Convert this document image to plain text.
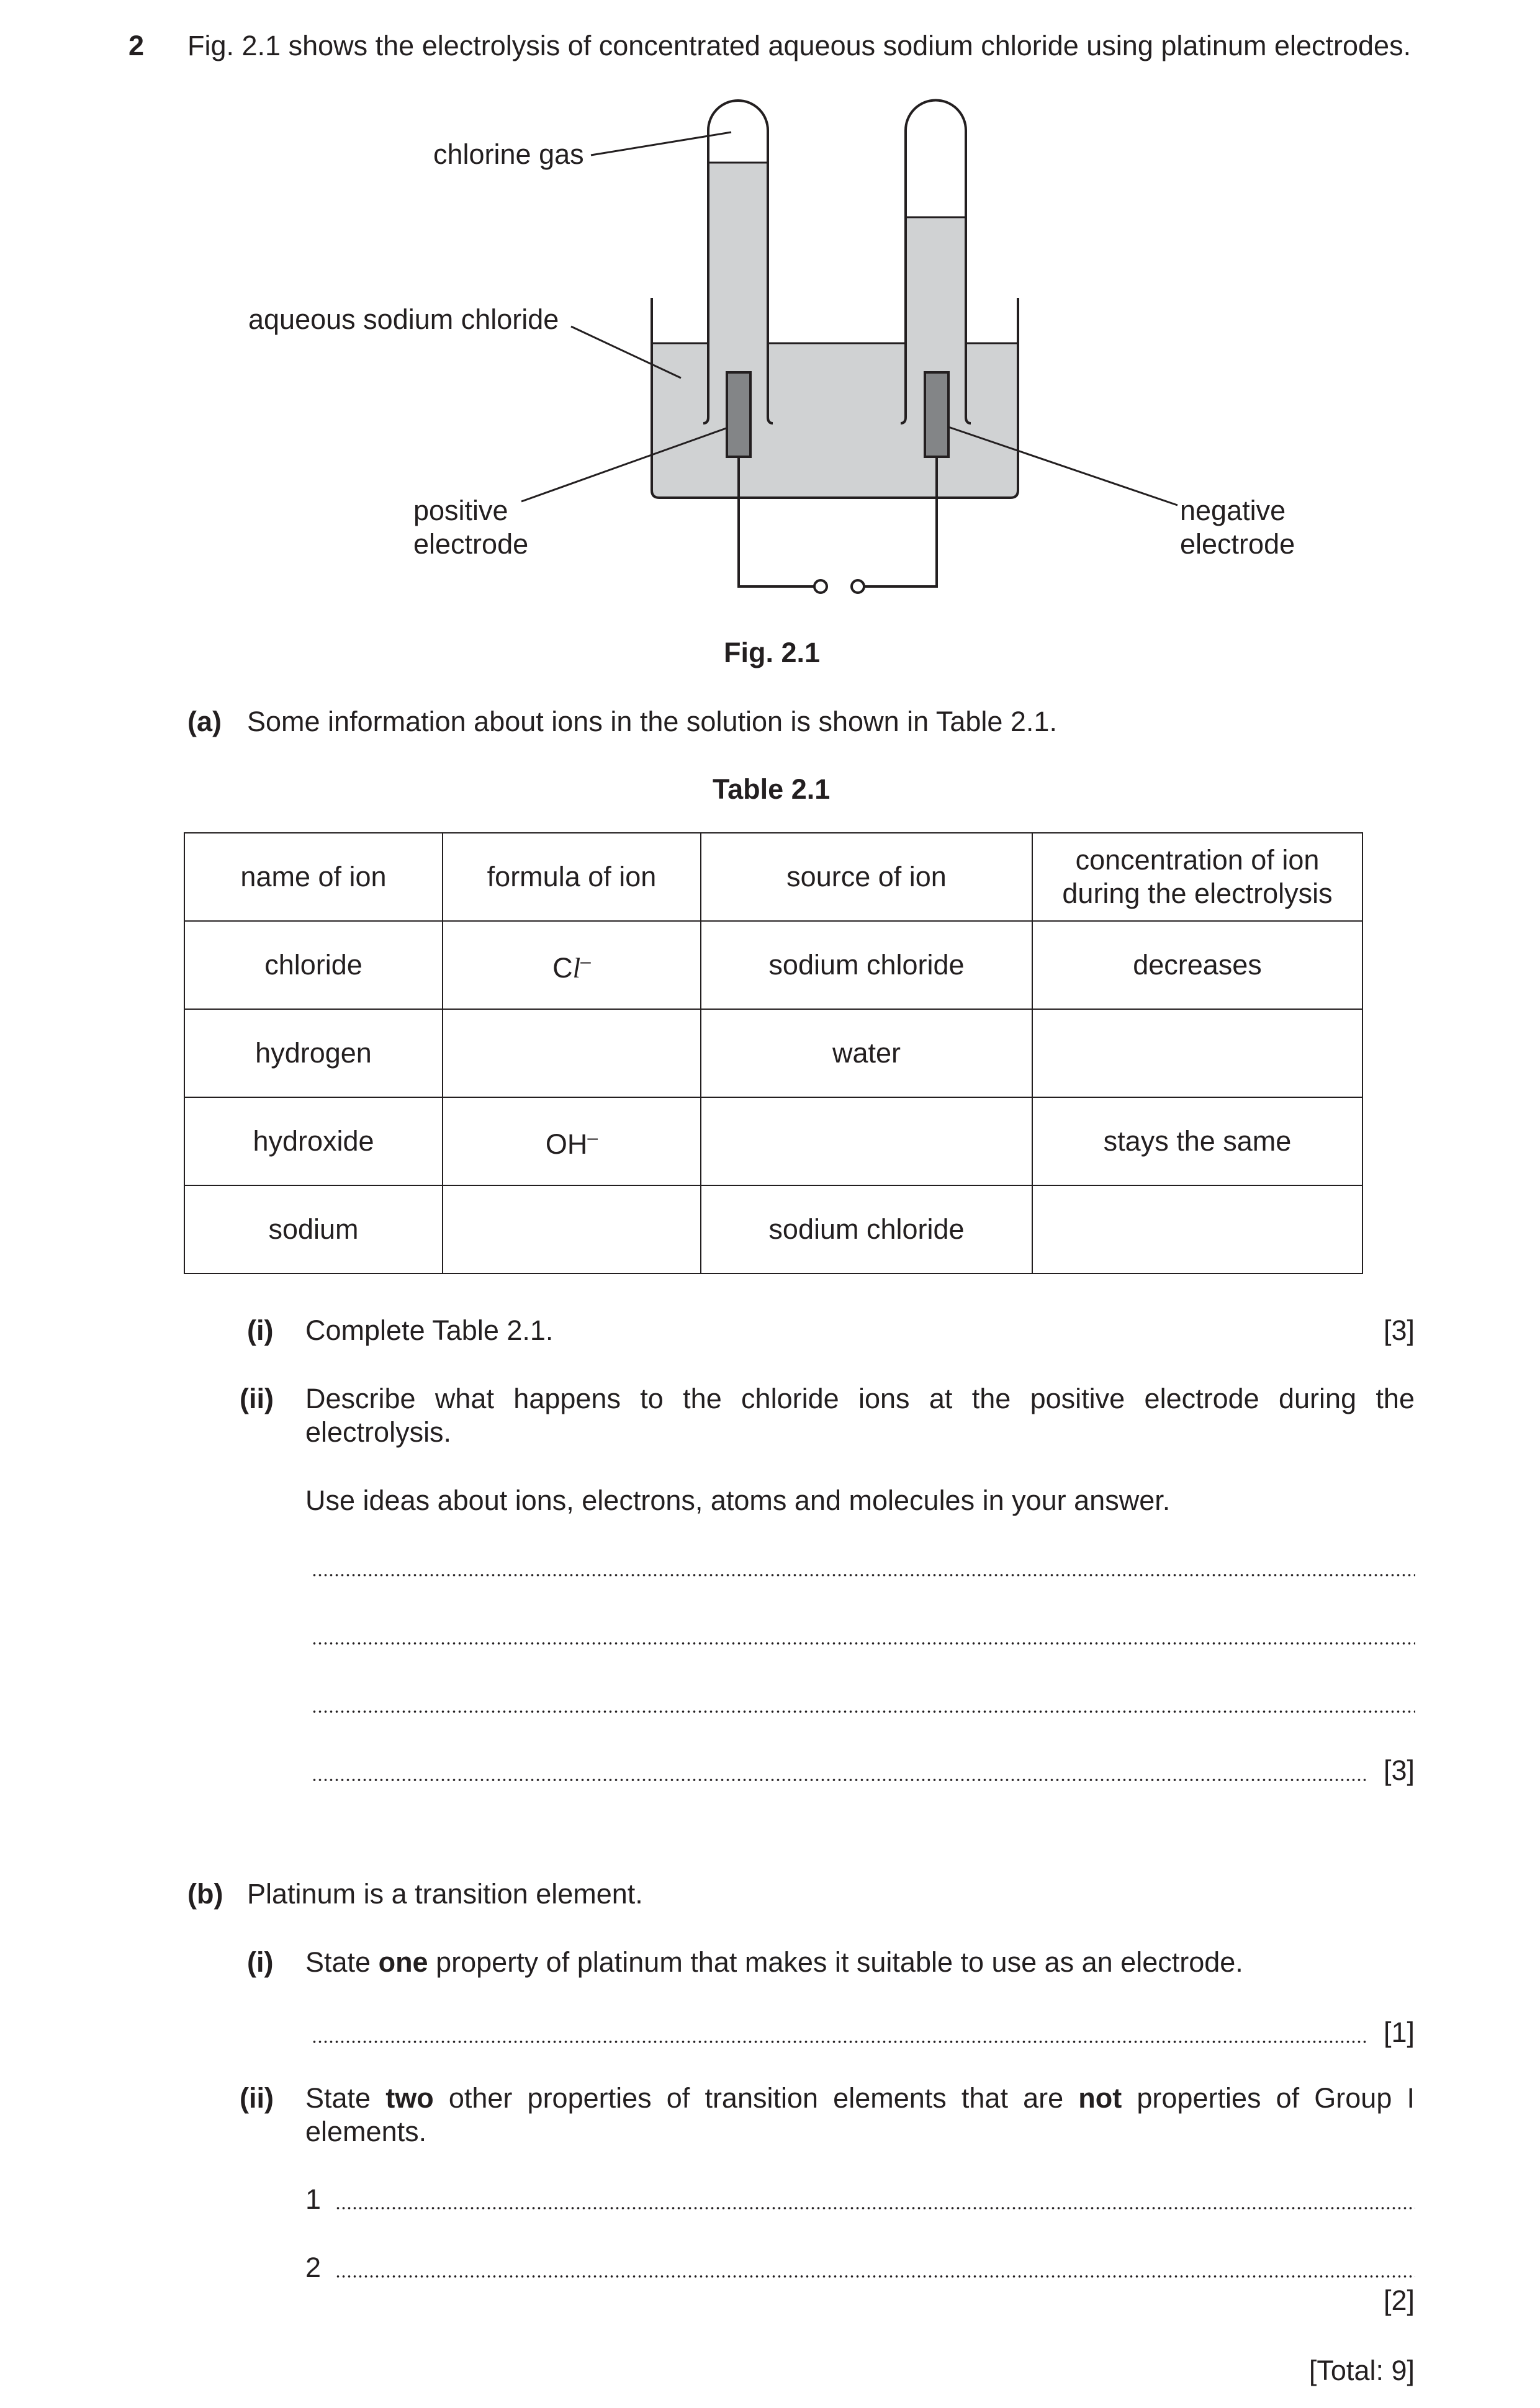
2 Fig. 2.1 shows the electrolysis of concentrated aqueous sodium chloride using platinum electrodes.
chlorine gas
aqueous sodium chloride
positive
electrode
negative
electrode
Fig. 2.1
(a) Some information about ions in the solution is shown in Table 2.1.
Table 2.1
name of ion	formula of ion	source of ion	concentration of ion
during the electrolysis
chloride	Cl–	sodium chloride	decreases
hydrogen		water	
hydroxide	OH–		stays the same
sodium		sodium chloride	
(i) Complete Table 2.1.	[3]
(ii) Describe what happens to the chloride ions at the positive electrode during the
electrolysis.
Use ideas about ions, electrons, atoms and molecules in your answer.
[3]
(b) Platinum is a transition element.
(i) State one property of platinum that makes it suitable to use as an electrode.
[1]
(ii) State two other properties of transition elements that are not properties of Group I
elements.
1
2
[2]
[Total: 9]
